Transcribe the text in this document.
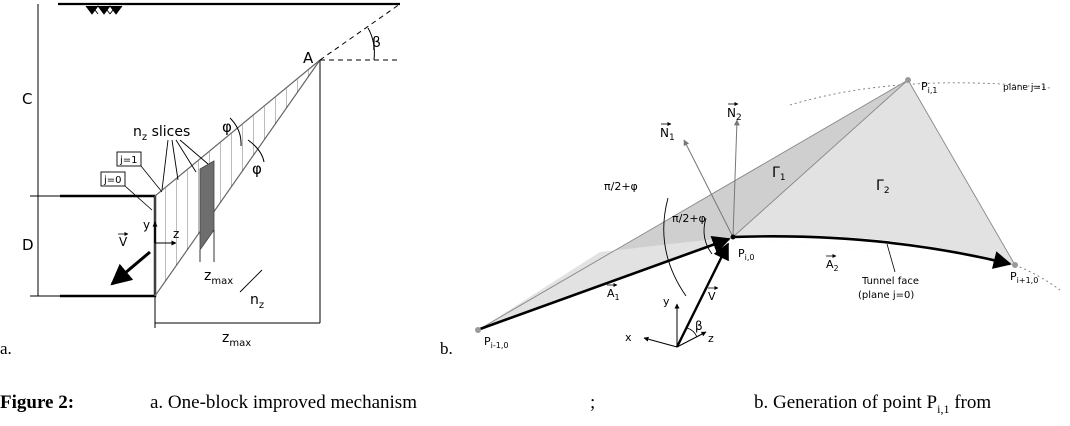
C
D
β
A
φ
φ
$n_z$ slices
j=1
j=0
y
z
V
$z_{max}$
$n_z$
$z_{max}$
a.
plane j=1
$N_1$
$N_2$
$\Gamma_1$	$\Gamma_2$
π/2+φ
π/2+φ
$P_{i,1}$
$P_{i,0}$
$P_{i-1,0}$
$P_{i+1,0}$
$A_1$
$A_2$
Tunnel face
(plane j=0)
V
x
y
z
β
b.
Figure 2:	a. One-block improved mechanism	;	b. Generation of point $P_{i,1}$ from
